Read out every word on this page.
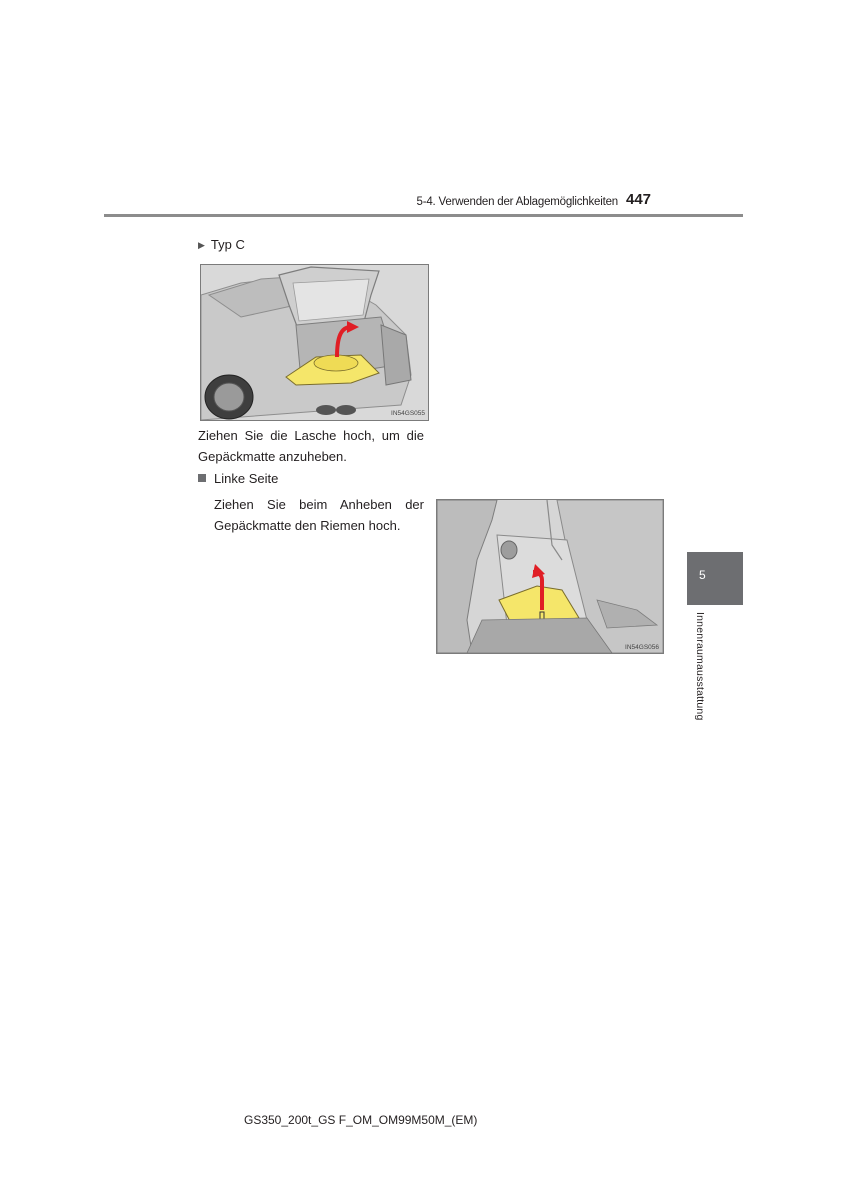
5-4. Verwenden der Ablagemöglichkeiten 447
▶ Typ C
IN54GS055
Ziehen Sie die Lasche hoch, um die Gepäckmatte anzuheben.
Linke Seite
Ziehen Sie beim Anheben der Gepäckmatte den Riemen hoch.
IN54GS056
5
Innenraumausstattung
GS350_200t_GS F_OM_OM99M50M_(EM)
